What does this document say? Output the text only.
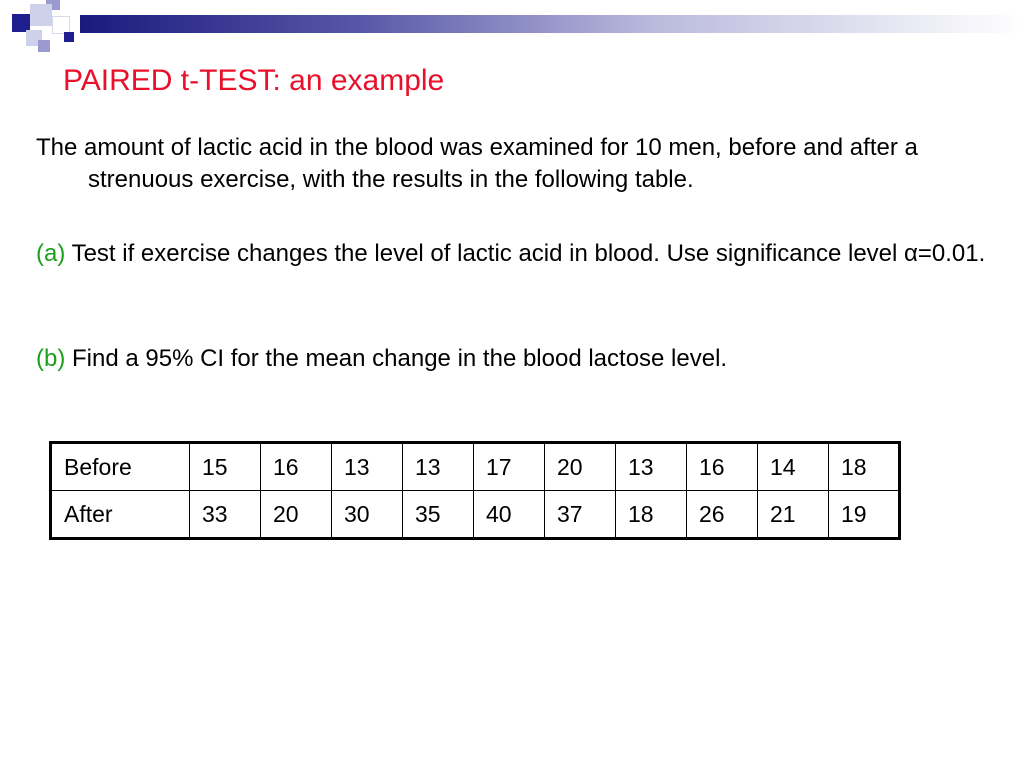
PAIRED t-TEST: an example

The amount of lactic acid in the blood was examined for 10 men, before and after a strenuous exercise, with the results in the following table.

(a) Test if exercise changes the level of lactic acid in blood. Use significance level α=0.01.

(b) Find a 95% CI for the mean change in the blood lactose level.

Before	15	16	13	13	17	20	13	16	14	18
After	33	20	30	35	40	37	18	26	21	19
